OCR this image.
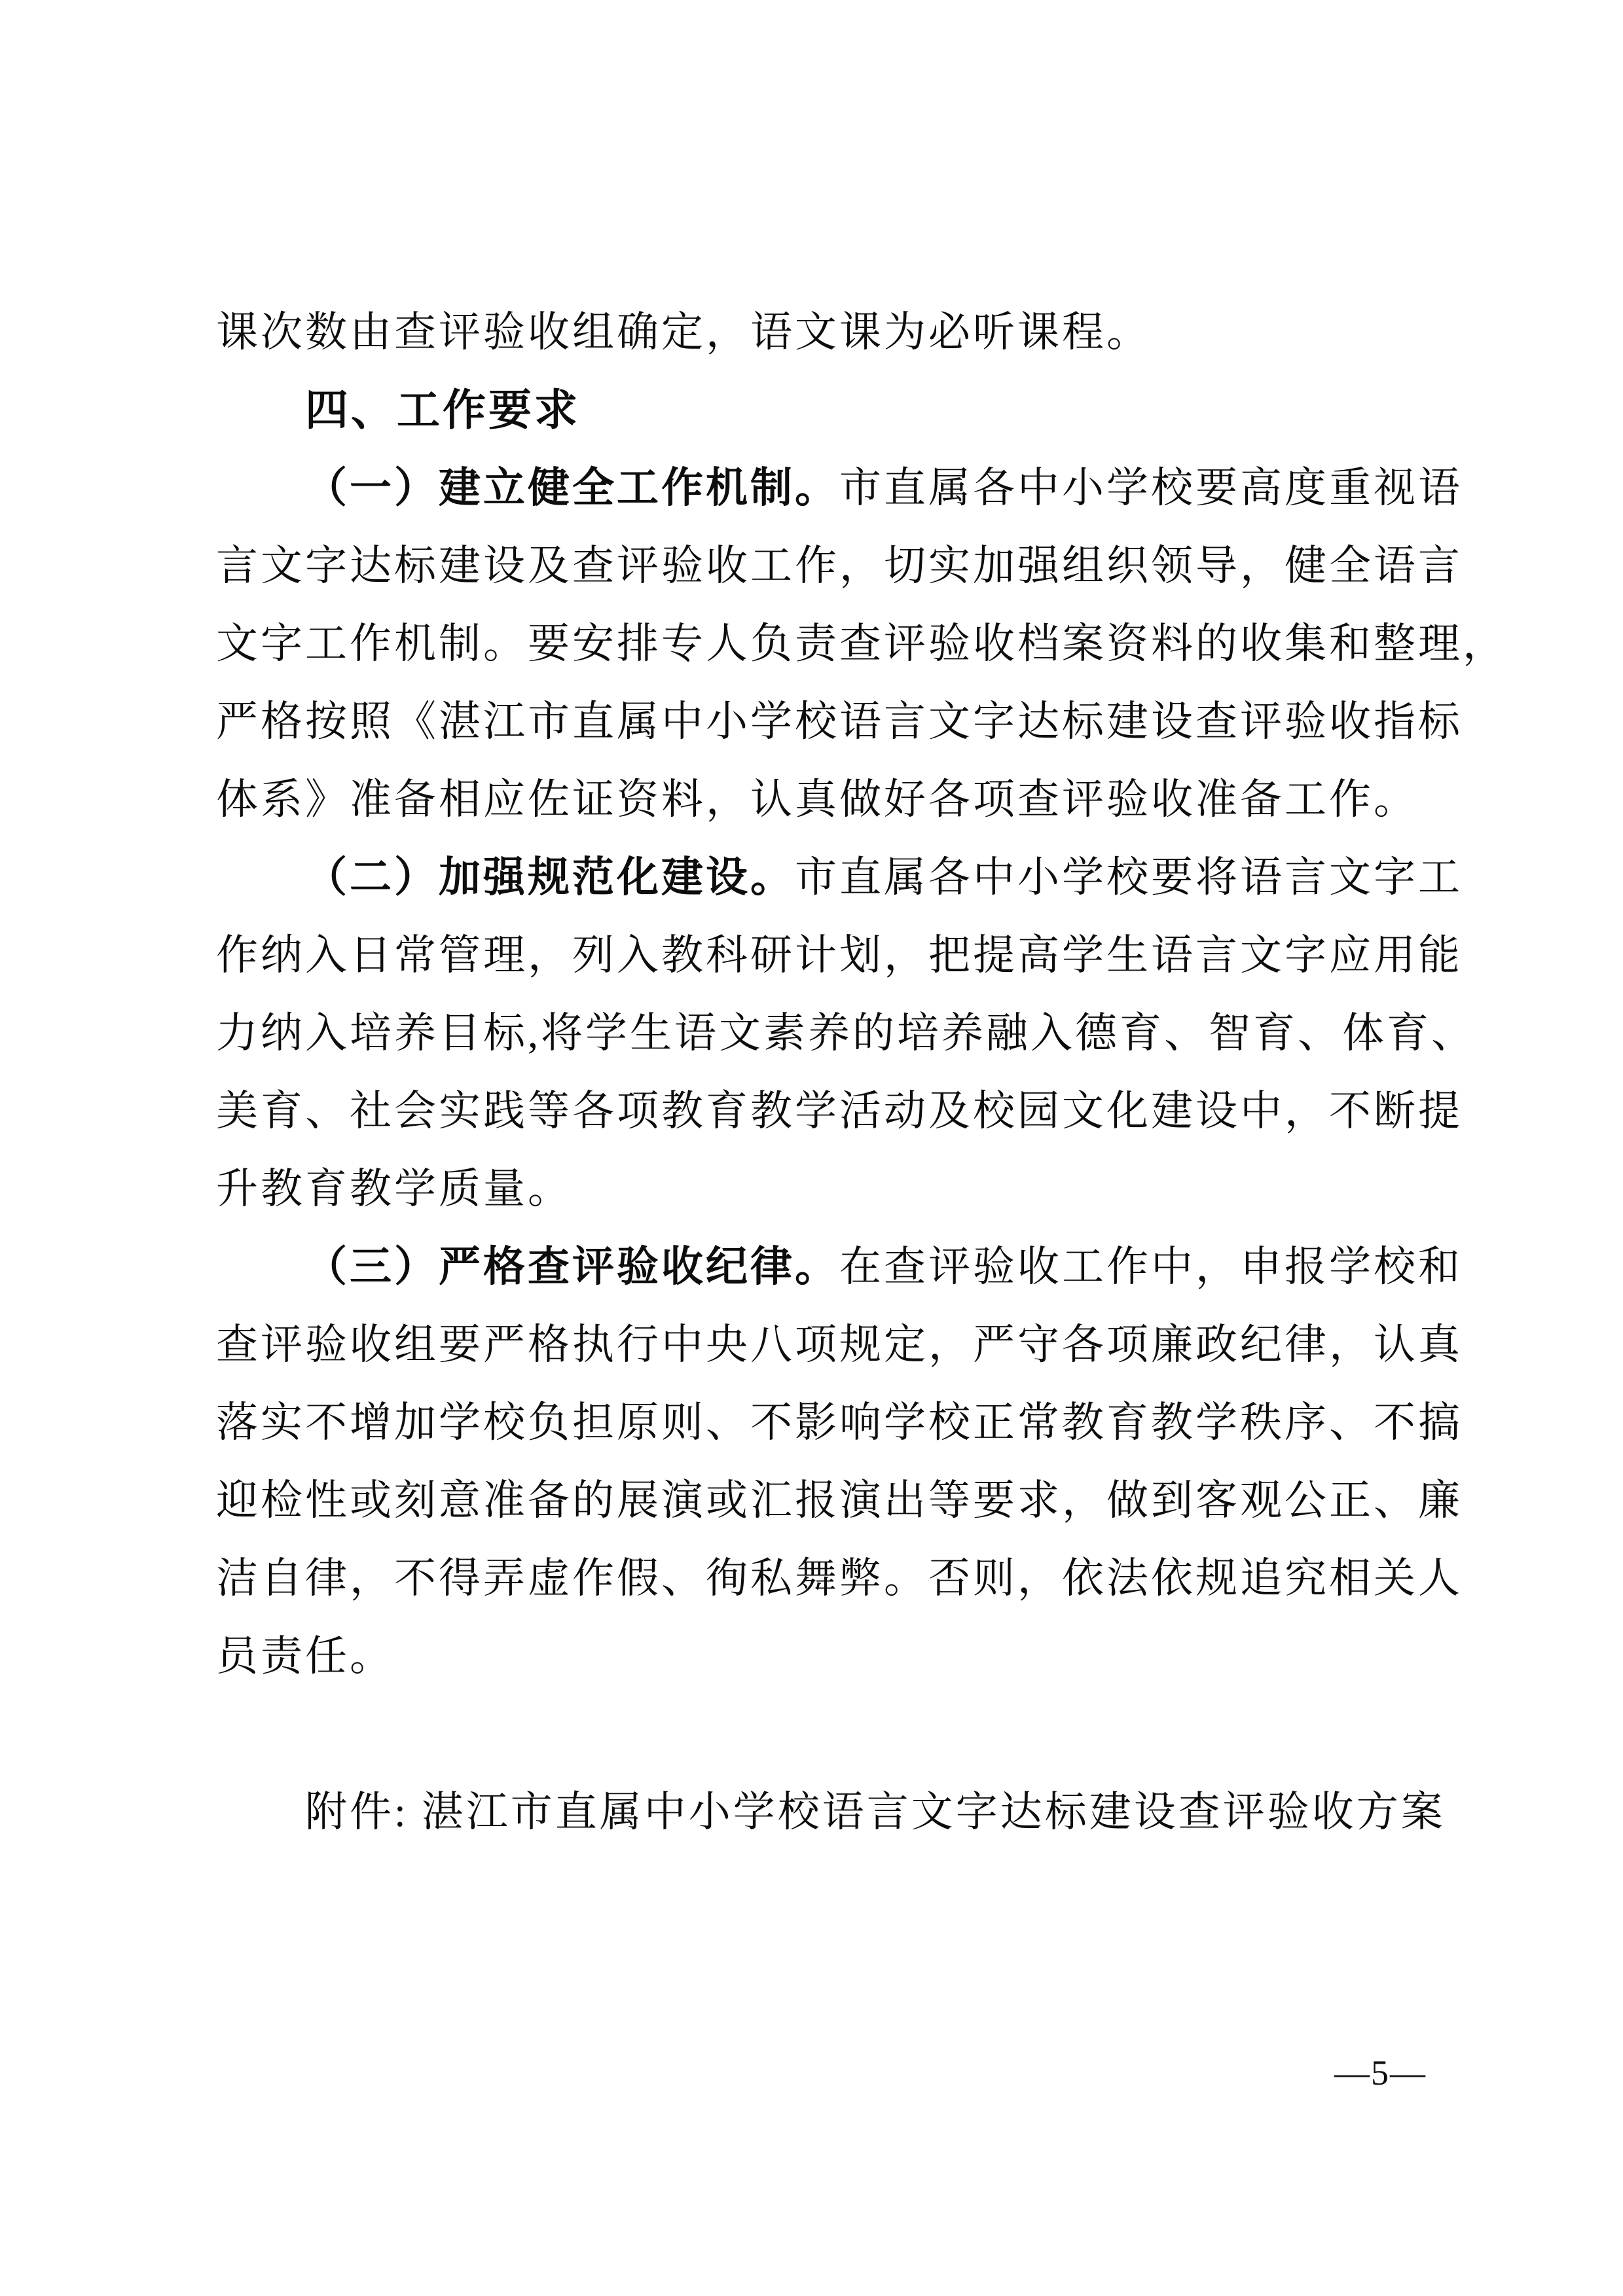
课次数由查评验收组确定，语文课为必听课程。
四、工作要求
（一）建立健全工作机制。市直属各中小学校要高度重视语
言文字达标建设及查评验收工作，切实加强组织领导，健全语言
文字工作机制。要安排专人负责查评验收档案资料的收集和整理，
严格按照《湛江市直属中小学校语言文字达标建设查评验收指标
体系》准备相应佐证资料，认真做好各项查评验收准备工作。
（二）加强规范化建设。市直属各中小学校要将语言文字工
作纳入日常管理，列入教科研计划，把提高学生语言文字应用能
力纳入培养目标,将学生语文素养的培养融入德育、智育、体育、
美育、社会实践等各项教育教学活动及校园文化建设中，不断提
升教育教学质量。
（三）严格查评验收纪律。在查评验收工作中，申报学校和
查评验收组要严格执行中央八项规定，严守各项廉政纪律，认真
落实不增加学校负担原则、不影响学校正常教育教学秩序、不搞
迎检性或刻意准备的展演或汇报演出等要求，做到客观公正、廉
洁自律，不得弄虚作假、徇私舞弊。否则，依法依规追究相关人
员责任。
附件: 湛江市直属中小学校语言文字达标建设查评验收方案
—5—
